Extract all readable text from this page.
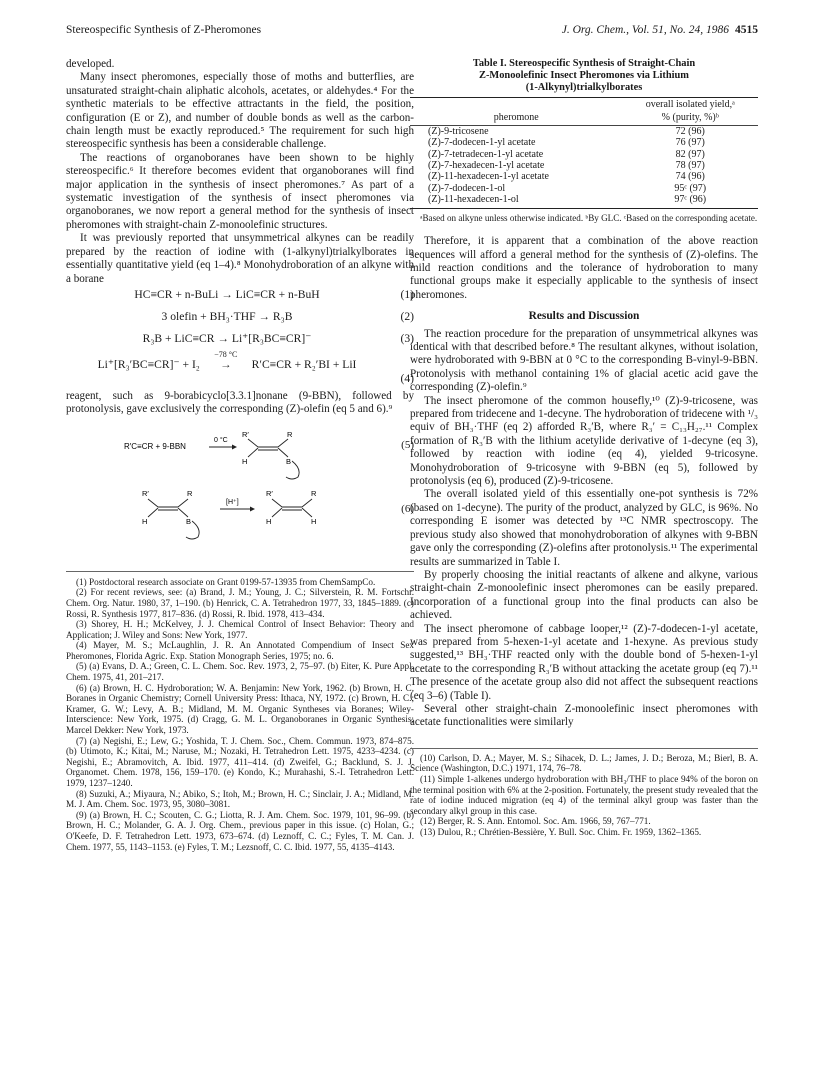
Stereospecific Synthesis of Z-Pheromones	J. Org. Chem., Vol. 51, No. 24, 1986 4515

developed.

Many insect pheromones, especially those of moths and butterflies, are unsaturated straight-chain aliphatic alcohols, acetates, or aldehydes.⁴ For the synthetic materials to be effective attractants in the field, the position, configuration (E or Z), and number of double bonds as well as the carbon-chain length must be exactly reproduced.⁵ The requirement for such high stereospecific synthesis has been a considerable challenge.

The reactions of organoboranes have been shown to be highly stereospecific.⁶ It therefore becomes evident that organoboranes will find major application in the synthesis of insect pheromones.⁷ As part of a systematic investigation of the synthesis of insect pheromones via organoboranes, we now report a general method for the synthesis of insect pheromones with straight-chain Z-monoolefinic structures.

It was previously reported that unsymmetrical alkynes can be readily prepared by the reaction of iodine with (1-alkynyl)trialkylborates in essentially quantitative yield (eq 1–4).⁸ Monohydroboration of an alkyne with a borane

HC≡CR + n-BuLi → LiC≡CR + n-BuH	(1)
3 olefin + BH₃·THF → R₃B	(2)
R₃B + LiC≡CR → Li⁺[R₃BC≡CR]⁻	(3)
Li⁺[R₃′BC≡CR]⁻ + I₂
−78 °C
→ R′C≡CR + R₂′BI + LiI
(4)

reagent, such as 9-borabicyclo[3.3.1]nonane (9-BBN), followed by protonolysis, gave exclusively the corresponding (Z)-olefin (eq 5 and 6).⁹

R′C≡CR + 9-BBN
0 °C
R′	R
H	B
(5)
R′	R
H	B
[H⁺]
R′	R
H	H
(6)
(1) Postdoctoral research associate on Grant 0199-57-13935 from ChemSampCo.
(2) For recent reviews, see: (a) Brand, J. M.; Young, J. C.; Silverstein, R. M. Fortschr. Chem. Org. Natur. 1980, 37, 1–190. (b) Henrick, C. A. Tetrahedron 1977, 33, 1845–1889. (c) Rossi, R. Synthesis 1977, 817–836. (d) Rossi, R. Ibid. 1978, 413–434.
(3) Shorey, H. H.; McKelvey, J. J. Chemical Control of Insect Behavior: Theory and Application; J. Wiley and Sons: New York, 1977.
(4) Mayer, M. S.; McLaughlin, J. R. An Annotated Compendium of Insect Sex Pheromones, Florida Agric. Exp. Station Monograph Series, 1975; no. 6.
(5) (a) Evans, D. A.; Green, C. L. Chem. Soc. Rev. 1973, 2, 75–97. (b) Eiter, K. Pure Appl. Chem. 1975, 41, 201–217.
(6) (a) Brown, H. C. Hydroboration; W. A. Benjamin: New York, 1962. (b) Brown, H. C. Boranes in Organic Chemistry; Cornell University Press: Ithaca, NY, 1972. (c) Brown, H. C.; Kramer, G. W.; Levy, A. B.; Midland, M. M. Organic Syntheses via Boranes; Wiley-Interscience: New York, 1975. (d) Cragg, G. M. L. Organoboranes in Organic Synthesis; Marcel Dekker: New York, 1973.
(7) (a) Negishi, E.; Lew, G.; Yoshida, T. J. Chem. Soc., Chem. Commun. 1973, 874–875. (b) Utimoto, K.; Kitai, M.; Naruse, M.; Nozaki, H. Tetrahedron Lett. 1975, 4233–4234. (c) Negishi, E.; Abramovitch, A. Ibid. 1977, 411–414. (d) Zweifel, G.; Backlund, S. J. J. Organomet. Chem. 1978, 156, 159–170. (e) Kondo, K.; Murahashi, S.-I. Tetrahedron Lett. 1979, 1237–1240.
(8) Suzuki, A.; Miyaura, N.; Abiko, S.; Itoh, M.; Brown, H. C.; Sinclair, J. A.; Midland, M. M. J. Am. Chem. Soc. 1973, 95, 3080–3081.
(9) (a) Brown, H. C.; Scouten, C. G.; Liotta, R. J. Am. Chem. Soc. 1979, 101, 96–99. (b) Brown, H. C.; Molander, G. A. J. Org. Chem., previous paper in this issue. (c) Holan, G.; O'Keefe, D. F. Tetrahedron Lett. 1973, 673–674. (d) Leznoff, C. C.; Fyles, T. M. Can. J. Chem. 1977, 55, 1143–1153. (e) Fyles, T. M.; Lezsnoff, C. C. Ibid. 1977, 55, 4135–4143.
Table I. Stereospecific Synthesis of Straight-Chain
Z-Monoolefinic Insect Pheromones via Lithium
(1-Alkynyl)trialkylborates
	overall isolated yield,ᵃ
pheromone	% (purity, %)ᵇ
(Z)-9-tricosene	72 (96)
(Z)-7-dodecen-1-yl acetate	76 (97)
(Z)-7-tetradecen-1-yl acetate	82 (97)
(Z)-7-hexadecen-1-yl acetate	78 (97)
(Z)-11-hexadecen-1-yl acetate	74 (96)
(Z)-7-dodecen-1-ol	95ᶜ (97)
(Z)-11-hexadecen-1-ol	97ᶜ (96)
ᵃBased on alkyne unless otherwise indicated. ᵇBy GLC. ᶜBased on the corresponding acetate.

Therefore, it is apparent that a combination of the above reaction sequences will afford a general method for the synthesis of (Z)-olefins. The mild reaction conditions and the tolerance of hydroboration to many functional groups make it especially applicable to the synthesis of insect pheromones.

Results and Discussion

The reaction procedure for the preparation of unsymmetrical alkynes was identical with that described before.⁸ The resultant alkynes, without isolation, were hydroborated with 9-BBN at 0 °C to the corresponding B-vinyl-9-BBN. Protonolysis with methanol containing 1% of glacial acetic acid gave the corresponding (Z)-olefin.⁹

The insect pheromone of the common housefly,¹⁰ (Z)-9-tricosene, was prepared from tridecene and 1-decyne. The hydroboration of tridecene with ¹/₃ equiv of BH₃·THF (eq 2) afforded R₃′B, where R₃′ = C₁₃H₂₇.¹¹ Complex formation of R₃′B with the lithium acetylide derivative of 1-decyne (eq 3), followed by reaction with iodine (eq 4), yielded 9-tricosyne. Monohydroboration of 9-tricosyne with 9-BBN (eq 5), followed by protonolysis (eq 6), produced (Z)-9-tricosene.

The overall isolated yield of this essentially one-pot synthesis is 72% (based on 1-decyne). The purity of the product, analyzed by GLC, is 96%. No corresponding E isomer was detected by ¹³C NMR spectroscopy. The previous study also showed that monohydroboration of alkynes with 9-BBN gave only the corresponding (Z)-olefins after protonolysis.¹¹ The experimental results are summarized in Table I.

By properly choosing the initial reactants of alkene and alkyne, various straight-chain Z-monoolefinic insect pheromones can be easily prepared. Incorporation of a functional group into the final products can also be achieved.

The insect pheromone of cabbage looper,¹² (Z)-7-dodecen-1-yl acetate, was prepared from 5-hexen-1-yl acetate and 1-hexyne. As previous study suggested,¹³ BH₃·THF reacted only with the double bond of 5-hexen-1-yl acetate to the corresponding R₃′B without attacking the acetate group (eq 7).¹¹ The presence of the acetate group also did not affect the subsequent reactions (eq 3–6) (Table I).

Several other straight-chain Z-monoolefinic insect pheromones with acetate functionalities were similarly

(10) Carlson, D. A.; Mayer, M. S.; Sihacek, D. L.; James, J. D.; Beroza, M.; Bierl, B. A. Science (Washington, D.C.) 1971, 174, 76–78.
(11) Simple 1-alkenes undergo hydroboration with BH₃/THF to place 94% of the boron on the terminal position with 6% at the 2-position. Fortunately, the present study revealed that the rate of iodine induced migration (eq 4) of the terminal alkyl group was faster than the secondary alkyl group in this case.
(12) Berger, R. S. Ann. Entomol. Soc. Am. 1966, 59, 767–771.
(13) Dulou, R.; Chrétien-Bessière, Y. Bull. Soc. Chim. Fr. 1959, 1362–1365.
